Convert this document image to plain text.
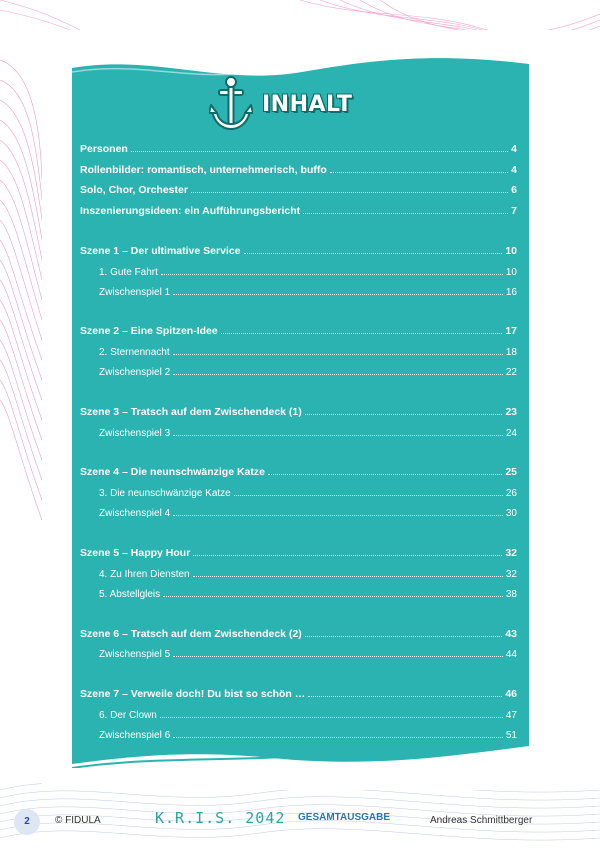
INHALT
Personen	4
Rollenbilder: romantisch, unternehmerisch, buffo	4
Solo, Chor, Orchester	6
Inszenierungsideen: ein Aufführungsbericht	7
Szene 1 – Der ultimative Service	10
1. Gute Fahrt	10
Zwischenspiel 1	16
Szene 2 – Eine Spitzen-Idee	17
2. Sternennacht	18
Zwischenspiel 2	22
Szene 3 – Tratsch auf dem Zwischendeck (1)	23
Zwischenspiel 3	24
Szene 4 – Die neunschwänzige Katze	25
3. Die neunschwänzige Katze	26
Zwischenspiel 4	30
Szene 5 – Happy Hour	32
4. Zu Ihren Diensten	32
5. Abstellgleis	38
Szene 6 – Tratsch auf dem Zwischendeck (2)	43
Zwischenspiel 5	44
Szene 7 – Verweile doch! Du bist so schön …	46
6. Der Clown	47
Zwischenspiel 6	51
2	© FIDULA	K.R.I.S. 2042 GESAMTAUSGABE	Andreas Schmittberger
